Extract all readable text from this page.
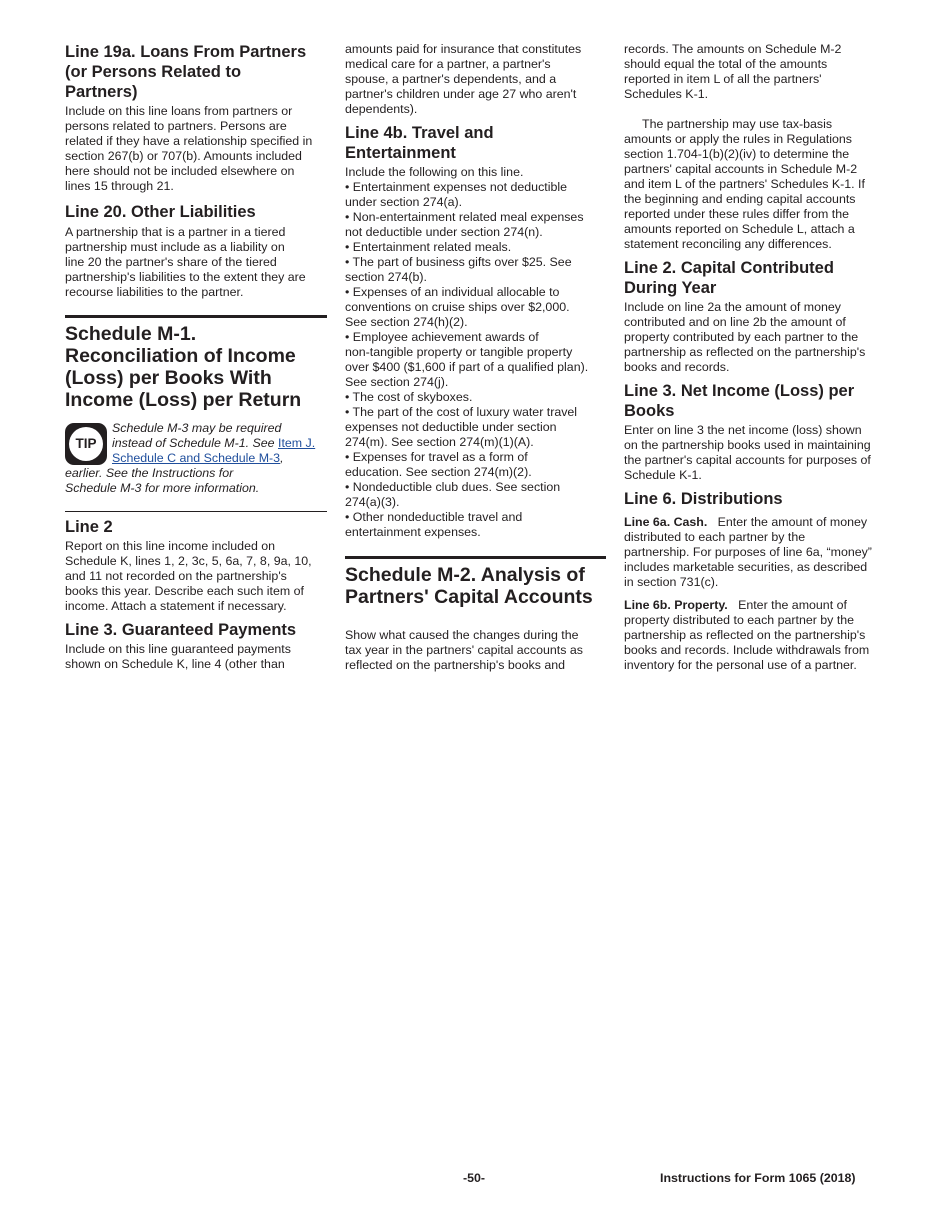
Line 19a. Loans From Partners
(or Persons Related to
Partners)

Include on this line loans from partners or
persons related to partners. Persons are
related if they have a relationship specified in
section 267(b) or 707(b). Amounts included
here should not be included elsewhere on
lines 15 through 21.

Line 20. Other Liabilities

A partnership that is a partner in a tiered
partnership must include as a liability on
line 20 the partner's share of the tiered
partnership's liabilities to the extent they are
recourse liabilities to the partner.

Schedule M-1.
Reconciliation of Income
(Loss) per Books With
Income (Loss) per Return
TIP

Schedule M-3 may be required
instead of Schedule M-1. See Item J.
Schedule C and Schedule M-3,
earlier. See the Instructions for
Schedule M-3 for more information.

Line 2

Report on this line income included on
Schedule K, lines 1, 2, 3c, 5, 6a, 7, 8, 9a, 10,
and 11 not recorded on the partnership's
books this year. Describe each such item of
income. Attach a statement if necessary.

Line 3. Guaranteed Payments

Include on this line guaranteed payments
shown on Schedule K, line 4 (other than

amounts paid for insurance that constitutes
medical care for a partner, a partner's
spouse, a partner's dependents, and a
partner's children under age 27 who aren't
dependents).

Line 4b. Travel and
Entertainment

Include the following on this line.

• Entertainment expenses not deductible
under section 274(a).

• Non-entertainment related meal expenses
not deductible under section 274(n).

• Entertainment related meals.

• The part of business gifts over $25. See
section 274(b).

• Expenses of an individual allocable to
conventions on cruise ships over $2,000.
See section 274(h)(2).

• Employee achievement awards of
non-tangible property or tangible property
over $400 ($1,600 if part of a qualified plan).
See section 274(j).

• The cost of skyboxes.

• The part of the cost of luxury water travel
expenses not deductible under section
274(m). See section 274(m)(1)(A).

• Expenses for travel as a form of
education. See section 274(m)(2).

• Nondeductible club dues. See section
274(a)(3).

• Other nondeductible travel and
entertainment expenses.

Schedule M-2. Analysis of
Partners' Capital Accounts

Show what caused the changes during the
tax year in the partners' capital accounts as
reflected on the partnership's books and

records. The amounts on Schedule M-2
should equal the total of the amounts
reported in item L of all the partners'
Schedules K-1.

The partnership may use tax-basis
amounts or apply the rules in Regulations
section 1.704-1(b)(2)(iv) to determine the
partners' capital accounts in Schedule M-2
and item L of the partners' Schedules K-1. If
the beginning and ending capital accounts
reported under these rules differ from the
amounts reported on Schedule L, attach a
statement reconciling any differences.

Line 2. Capital Contributed
During Year

Include on line 2a the amount of money
contributed and on line 2b the amount of
property contributed by each partner to the
partnership as reflected on the partnership's
books and records.

Line 3. Net Income (Loss) per
Books

Enter on line 3 the net income (loss) shown
on the partnership books used in maintaining
the partner's capital accounts for purposes of
Schedule K-1.

Line 6. Distributions

Line 6a. Cash. Enter the amount of money
distributed to each partner by the
partnership. For purposes of line 6a, “money”
includes marketable securities, as described
in section 731(c).

Line 6b. Property. Enter the amount of
property distributed to each partner by the
partnership as reflected on the partnership's
books and records. Include withdrawals from
inventory for the personal use of a partner.

-50-	Instructions for Form 1065 (2018)
